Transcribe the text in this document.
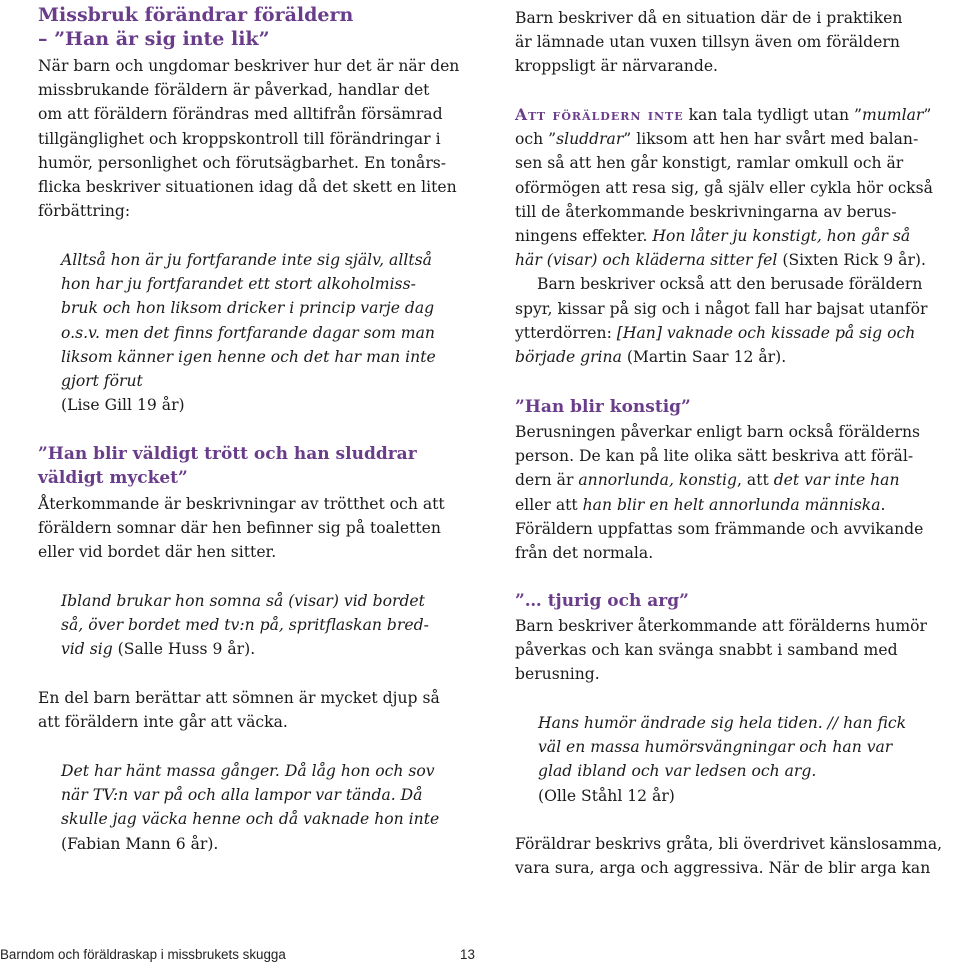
Missbruk förändrar föräldern
– ”Han är sig inte lik”

När barn och ungdomar beskriver hur det är när den

missbrukande föräldern är påverkad, handlar det

om att föräldern förändras med alltifrån försämrad

tillgänglighet och kroppskontroll till förändringar i

humör, personlighet och förutsägbarhet. En tonårs-

flicka beskriver situationen idag då det skett en liten

förbättring:

Alltså hon är ju fortfarande inte sig själv, alltså

hon har ju fortfarandet ett stort alkoholmiss-

bruk och hon liksom dricker i princip varje dag

o.s.v. men det finns fortfarande dagar som man

liksom känner igen henne och det har man inte

gjort förut

(Lise Gill 19 år)

”Han blir väldigt trött och han sluddrar
väldigt mycket”

Återkommande är beskrivningar av trötthet och att

föräldern somnar där hen befinner sig på toaletten

eller vid bordet där hen sitter.

Ibland brukar hon somna så (visar) vid bordet

så, över bordet med tv:n på, spritflaskan bred-

vid sig (Salle Huss 9 år).

En del barn berättar att sömnen är mycket djup så

att föräldern inte går att väcka.

Det har hänt massa gånger. Då låg hon och sov

när TV:n var på och alla lampor var tända. Då

skulle jag väcka henne och då vaknade hon inte

(Fabian Mann 6 år).

Barn beskriver då en situation där de i praktiken

är lämnade utan vuxen tillsyn även om föräldern

kroppsligt är närvarande.

Att föräldern inte kan tala tydligt utan ”mumlar”

och ”sluddrar” liksom att hen har svårt med balan-

sen så att hen går konstigt, ramlar omkull och är

oförmögen att resa sig, gå själv eller cykla hör också

till de återkommande beskrivningarna av berus-

ningens effekter. Hon låter ju konstigt, hon går så

här (visar) och kläderna sitter fel (Sixten Rick 9 år).

Barn beskriver också att den berusade föräldern

spyr, kissar på sig och i något fall har bajsat utanför

ytterdörren: [Han] vaknade och kissade på sig och

började grina (Martin Saar 12 år).

”Han blir konstig”

Berusningen påverkar enligt barn också förälderns

person. De kan på lite olika sätt beskriva att föräl-

dern är annorlunda, konstig, att det var inte han

eller att han blir en helt annorlunda människa.

Föräldern uppfattas som främmande och avvikande

från det normala.

”… tjurig och arg”

Barn beskriver återkommande att förälderns humör

påverkas och kan svänga snabbt i samband med

berusning.

Hans humör ändrade sig hela tiden. // han fick

väl en massa humörsvängningar och han var

glad ibland och var ledsen och arg.

(Olle Ståhl 12 år)

Föräldrar beskrivs gråta, bli överdrivet känslosamma,

vara sura, arga och aggressiva. När de blir arga kan

Barndom och föräldraskap i missbrukets skugga	13
